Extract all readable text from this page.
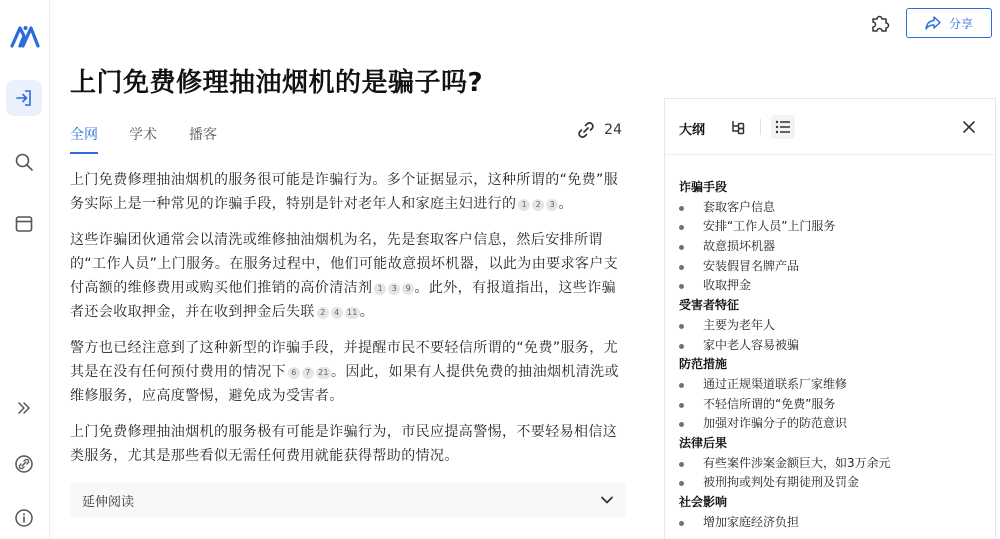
分享
上门免费修理抽油烟机的是骗子吗?
全网 学术 播客	24

上门免费修理抽油烟机的服务很可能是诈骗行为。多个证据显示，这种所谓的“免费”服务实际上是一种常见的诈骗手段，特别是针对老年人和家庭主妇进行的 1 2 3 。

这些诈骗团伙通常会以清洗或维修抽油烟机为名，先是套取客户信息，然后安排所谓的“工作人员”上门服务。在服务过程中，他们可能故意损坏机器，以此为由要求客户支付高额的维修费用或购买他们推销的高价清洁剂 1 3 9 。此外，有报道指出，这些诈骗者还会收取押金，并在收到押金后失联 2 4 11 。

警方也已经注意到了这种新型的诈骗手段，并提醒市民不要轻信所谓的“免费”服务，尤其是在没有任何预付费用的情况下 6 7 21 。因此，如果有人提供免费的抽油烟机清洗或维修服务，应高度警惕，避免成为受害者。

上门免费修理抽油烟机的服务极有可能是诈骗行为，市民应提高警惕，不要轻易相信这类服务，尤其是那些看似无需任何费用就能获得帮助的情况。

延伸阅读
大纲
诈骗手段
套取客户信息
安排“工作人员”上门服务
故意损坏机器
安装假冒名牌产品
收取押金
受害者特征
主要为老年人
家中老人容易被骗
防范措施
通过正规渠道联系厂家维修
不轻信所谓的“免费”服务
加强对诈骗分子的防范意识
法律后果
有些案件涉案金额巨大，如3万余元
被刑拘或判处有期徒刑及罚金
社会影响
增加家庭经济负担
